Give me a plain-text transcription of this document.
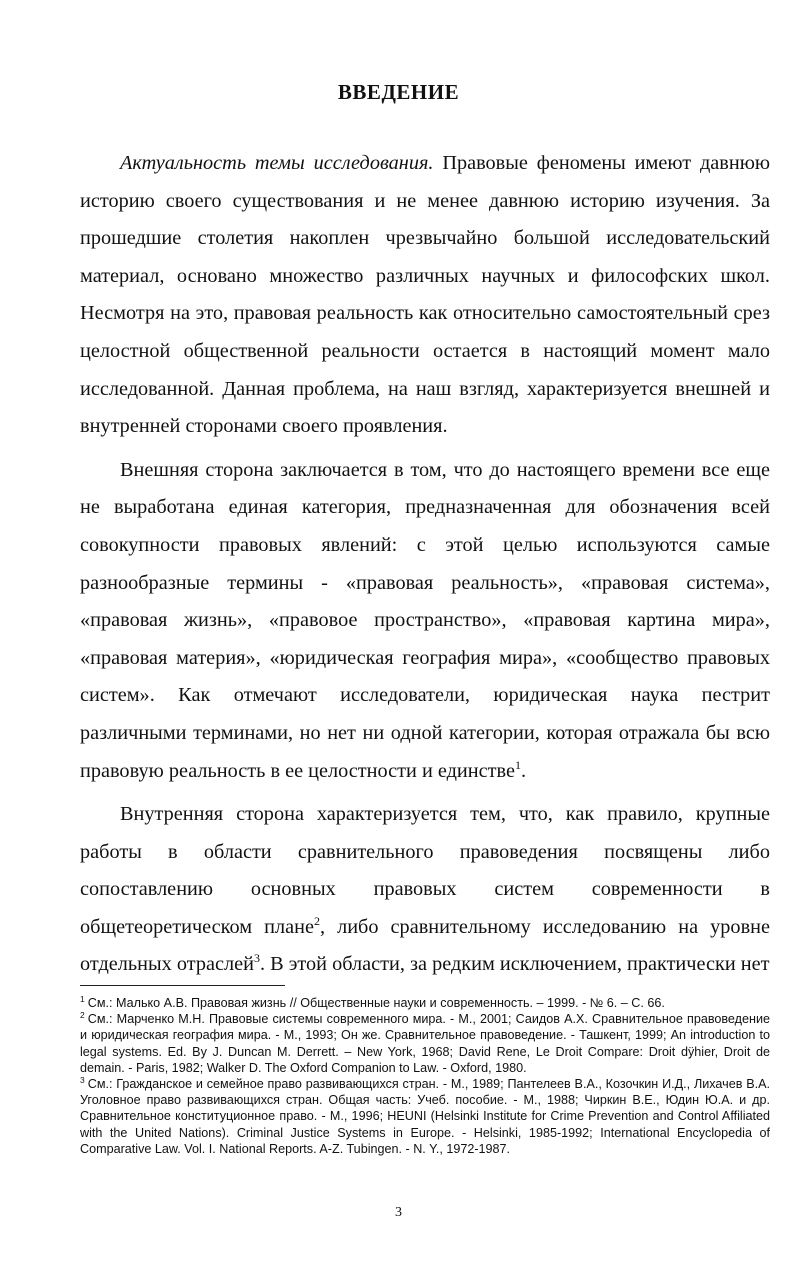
ВВЕДЕНИЕ

Актуальность темы исследования. Правовые феномены имеют давнюю историю своего существования и не менее давнюю историю изучения. За прошедшие столетия накоплен чрезвычайно большой исследовательский материал, основано множество различных научных и философских школ. Несмотря на это, правовая реальность как относительно самостоятельный срез целостной общественной реальности остается в настоящий момент мало исследованной. Данная проблема, на наш взгляд, характеризуется внешней и внутренней сторонами своего проявления.

Внешняя сторона заключается в том, что до настоящего времени все еще не выработана единая категория, предназначенная для обозначения всей совокупности правовых явлений: с этой целью используются самые разнообразные термины - «правовая реальность», «правовая система», «правовая жизнь», «правовое пространство», «правовая картина мира», «правовая материя», «юридическая география мира», «сообщество правовых систем». Как отмечают исследователи, юридическая наука пестрит различными терминами, но нет ни одной категории, которая отражала бы всю правовую реальность в ее целостности и единстве$^1$.

Внутренняя сторона характеризуется тем, что, как правило, крупные работы в области сравнительного правоведения посвящены либо сопоставлению основных правовых систем современности в общетеоретическом плане$^2$, либо сравнительному исследованию на уровне отдельных отраслей$^3$. В этой области, за редким исключением, практически нет

$^1$ См.: Малько А.В. Правовая жизнь // Общественные науки и современность. – 1999. - № 6. – С. 66.

$^2$ См.: Марченко М.Н. Правовые системы современного мира. - М., 2001; Саидов А.Х. Сравнительное правоведение и юридическая география мира. - М., 1993; Он же. Сравнительное правоведение. - Ташкент, 1999; An introduction to legal systems. Ed. By J. Duncan M. Derrett. – New York, 1968; David Rene, Le Droit Compare: Droit dÿhier, Droit de demain. - Paris, 1982; Walker D. The Oxford Companion to Law. - Oxford, 1980.

$^3$ См.: Гражданское и семейное право развивающихся стран. - М., 1989; Пантелеев В.А., Козочкин И.Д., Лихачев В.А. Уголовное право развивающихся стран. Общая часть: Учеб. пособие. - М., 1988; Чиркин В.Е., Юдин Ю.А. и др. Сравнительное конституционное право. - М., 1996; HEUNI (Helsinki Institute for Crime Prevention and Control Affiliated with the United Nations). Criminal Justice Systems in Europe. - Helsinki, 1985-1992; International Encyclopedia of Comparative Law. Vol. I. National Reports. A-Z. Tubingen. - N. Y., 1972-1987.

3
